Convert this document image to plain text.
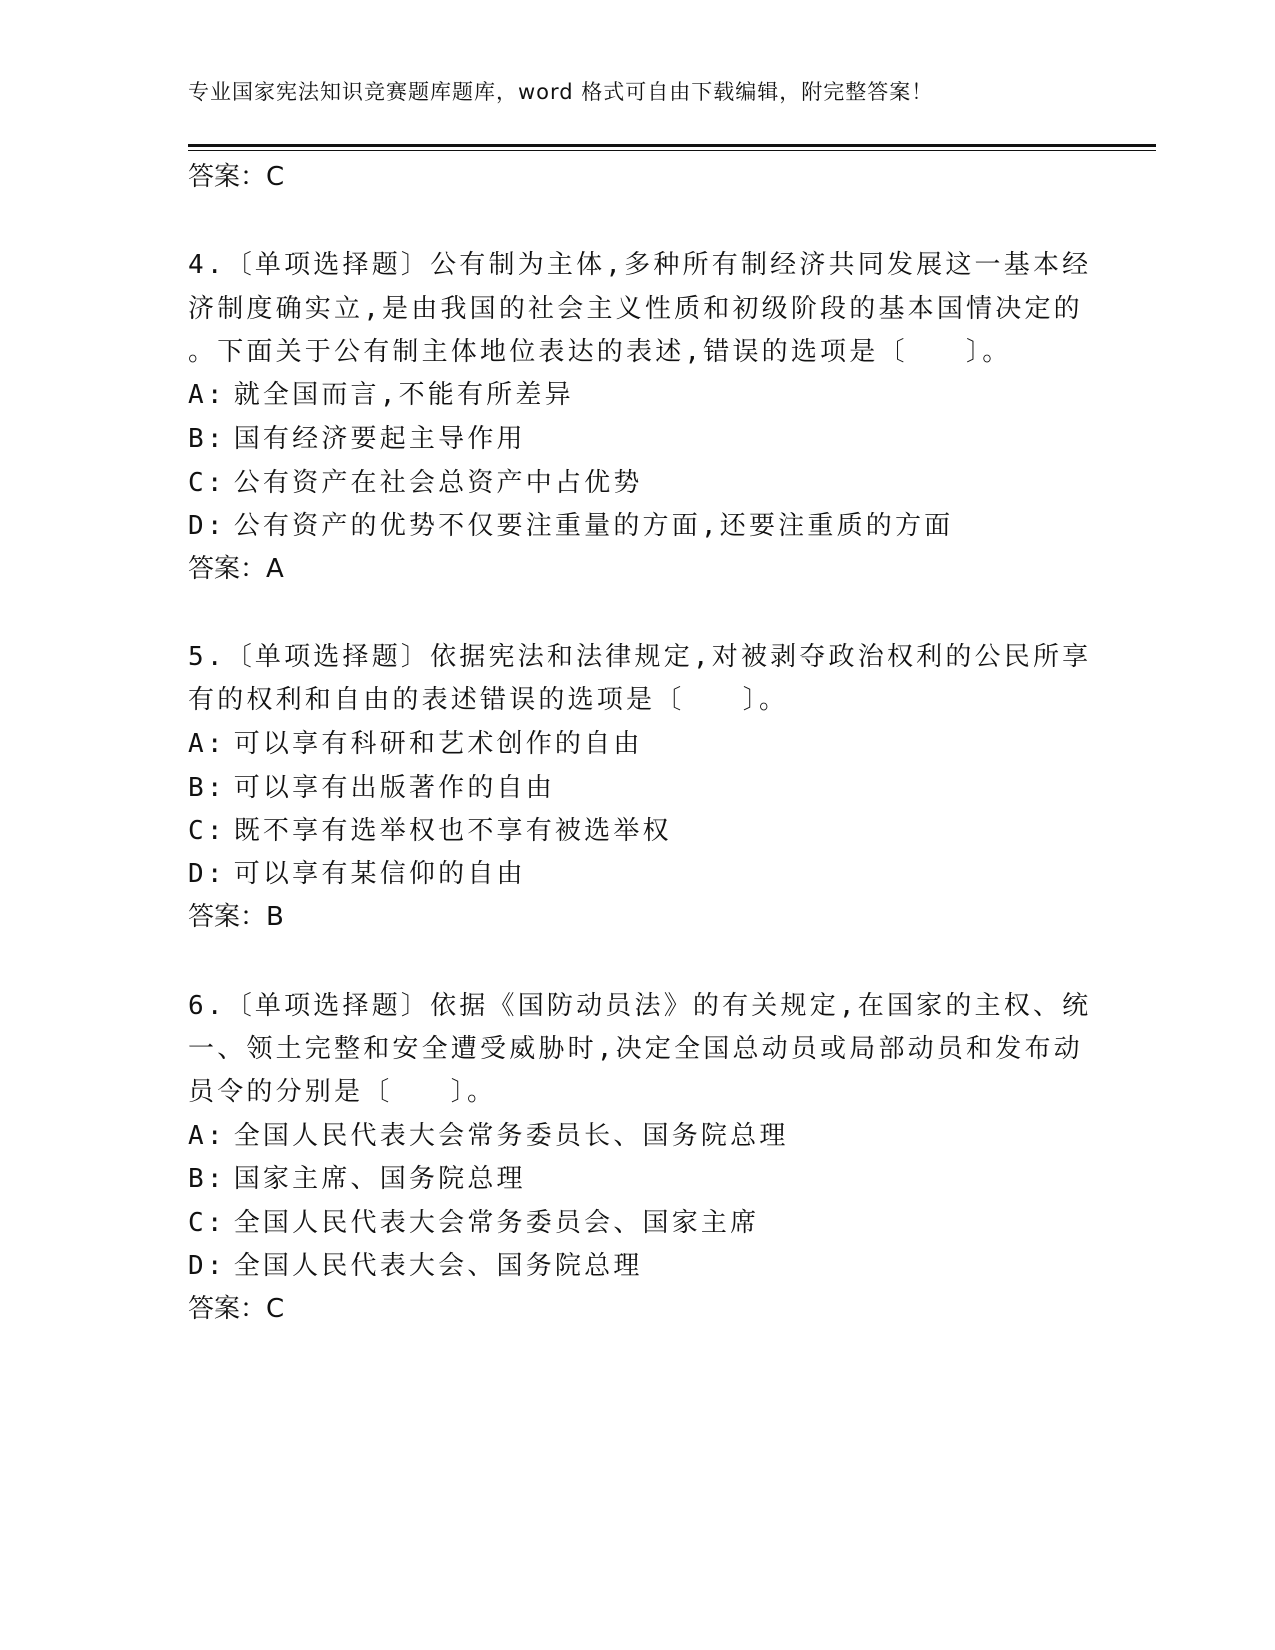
专业国家宪法知识竞赛题库题库，word 格式可自由下载编辑，附完整答案！
答案：C
4.〔单项选择题〕公有制为主体,多种所有制经济共同发展这一基本经
济制度确实立,是由我国的社会主义性质和初级阶段的基本国情决定的
。下面关于公有制主体地位表达的表述,错误的选项是〔　　〕。
A: 就全国而言,不能有所差异
B: 国有经济要起主导作用
C: 公有资产在社会总资产中占优势
D: 公有资产的优势不仅要注重量的方面,还要注重质的方面
答案：A
5.〔单项选择题〕依据宪法和法律规定,对被剥夺政治权利的公民所享
有的权利和自由的表述错误的选项是〔　　〕。
A: 可以享有科研和艺术创作的自由
B: 可以享有出版著作的自由
C: 既不享有选举权也不享有被选举权
D: 可以享有某信仰的自由
答案：B
6.〔单项选择题〕依据《国防动员法》的有关规定,在国家的主权、统
一、领土完整和安全遭受威胁时,决定全国总动员或局部动员和发布动
员令的分别是〔　　〕。
A: 全国人民代表大会常务委员长、国务院总理
B: 国家主席、国务院总理
C: 全国人民代表大会常务委员会、国家主席
D: 全国人民代表大会、国务院总理
答案：C
